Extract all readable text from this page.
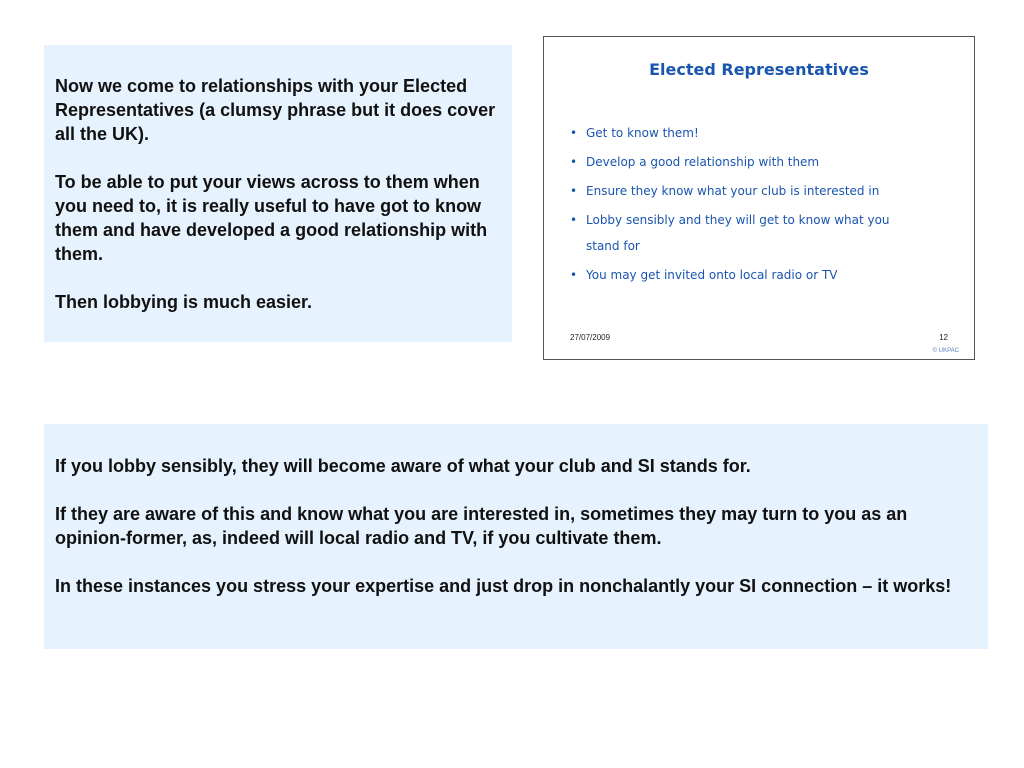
Now we come to relationships with your Elected Representatives (a clumsy phrase but it does cover all the UK).

To be able to put your views across to them when you need to, it is really useful to have got to know them and have developed a good relationship with them.

Then lobbying is much easier.

Elected Representatives
• Get to know them!
• Develop a good relationship with them
• Ensure they know what your club is interested in
• Lobby sensibly and they will get to know what you stand for
• You may get invited onto local radio or TV
27/07/2009	12
© UKPAC

If you lobby sensibly, they will become aware of what your club and SI stands for.

If they are aware of this and know what you are interested in, sometimes they may turn to you as an opinion-former, as, indeed will local radio and TV, if you cultivate them.

In these instances you stress your expertise and just drop in nonchalantly your SI connection – it works!
